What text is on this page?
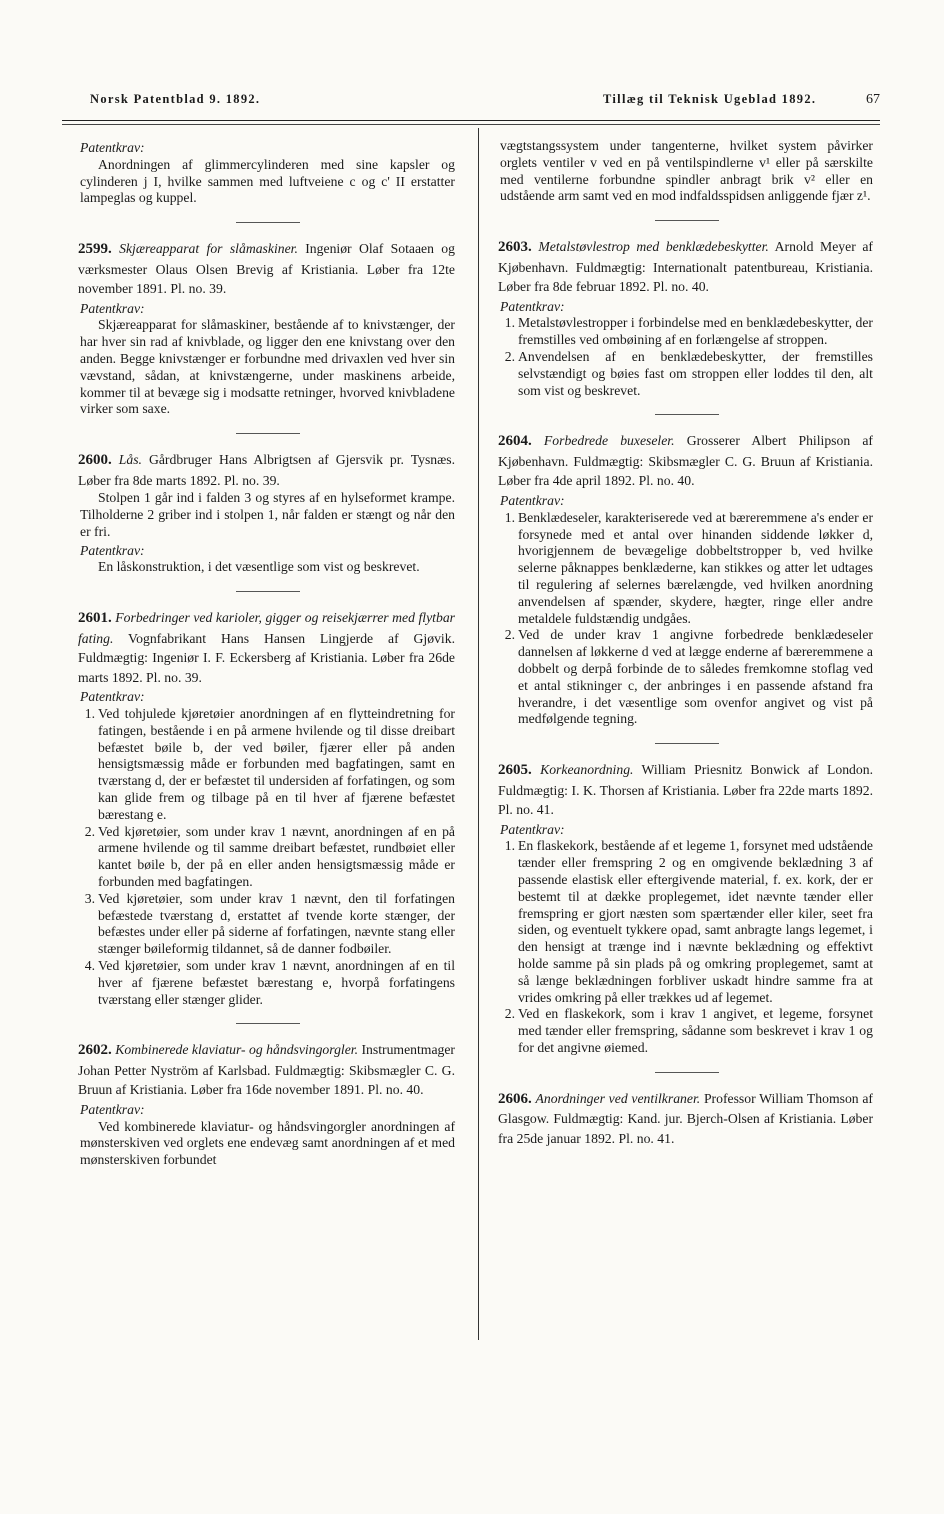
Norsk Patentblad 9. 1892.	Tillæg til Teknisk Ugeblad 1892.	67

Patentkrav:

Anordningen af glimmercylinderen med sine kapsler og cylinderen j I, hvilke sammen med luftveiene c og c' II erstatter lampeglas og kuppel.

2599. Skjæreapparat for slåmaskiner. Ingeniør Olaf Sotaaen og værksmester Olaus Olsen Brevig af Kristiania. Løber fra 12te november 1891. Pl. no. 39.

Patentkrav:

Skjæreapparat for slåmaskiner, bestående af to knivstænger, der har hver sin rad af knivblade, og ligger den ene knivstang over den anden. Begge knivstænger er forbundne med drivaxlen ved hver sin vævstand, sådan, at knivstængerne, under maskinens arbeide, kommer til at bevæge sig i modsatte retninger, hvorved knivbladene virker som saxe.

2600. Lås. Gårdbruger Hans Albrigtsen af Gjersvik pr. Tysnæs. Løber fra 8de marts 1892. Pl. no. 39.

Stolpen 1 går ind i falden 3 og styres af en hylseformet krampe. Tilholderne 2 griber ind i stolpen 1, når falden er stængt og når den er fri.

Patentkrav:

En låskonstruktion, i det væsentlige som vist og beskrevet.

2601. Forbedringer ved karioler, gigger og reisekjærrer med flytbar fating. Vognfabrikant Hans Hansen Lingjerde af Gjøvik. Fuldmægtig: Ingeniør I. F. Eckersberg af Kristiania. Løber fra 26de marts 1892. Pl. no. 39.

Patentkrav:

1. Ved tohjulede kjøretøier anordningen af en flytteindretning for fatingen, bestående i en på armene hvilende og til disse dreibart befæstet bøile b, der ved bøiler, fjærer eller på anden hensigtsmæssig måde er forbunden med bagfatingen, samt en tværstang d, der er befæstet til undersiden af forfatingen, og som kan glide frem og tilbage på en til hver af fjærene befæstet bærestang e.
2. Ved kjøretøier, som under krav 1 nævnt, anordningen af en på armene hvilende og til samme dreibart befæstet, rundbøiet eller kantet bøile b, der på en eller anden hensigtsmæssig måde er forbunden med bagfatingen.
3. Ved kjøretøier, som under krav 1 nævnt, den til forfatingen befæstede tværstang d, erstattet af tvende korte stænger, der befæstes under eller på siderne af forfatingen, nævnte stang eller stænger bøileformig tildannet, så de danner fodbøiler.
4. Ved kjøretøier, som under krav 1 nævnt, anordningen af en til hver af fjærene befæstet bærestang e, hvorpå forfatingens tværstang eller stænger glider.

2602. Kombinerede klaviatur- og håndsvingorgler. Instrumentmager Johan Petter Nyström af Karlsbad. Fuldmægtig: Skibsmægler C. G. Bruun af Kristiania. Løber fra 16de november 1891. Pl. no. 40.

Patentkrav:

Ved kombinerede klaviatur- og håndsvingorgler anordningen af mønsterskiven ved orglets ene endevæg samt anordningen af et med mønsterskiven forbundet

vægtstangssystem under tangenterne, hvilket system påvirker orglets ventiler v ved en på ventilspindlerne v¹ eller på særskilte med ventilerne forbundne spindler anbragt brik v² eller en udstående arm samt ved en mod indfaldsspidsen anliggende fjær z¹.

2603. Metalstøvlestrop med benklædebeskytter. Arnold Meyer af Kjøbenhavn. Fuldmægtig: Internationalt patentbureau, Kristiania. Løber fra 8de februar 1892. Pl. no. 40.

Patentkrav:

1. Metalstøvlestropper i forbindelse med en benklædebeskytter, der fremstilles ved ombøining af en forlængelse af stroppen.
2. Anvendelsen af en benklædebeskytter, der fremstilles selvstændigt og bøies fast om stroppen eller loddes til den, alt som vist og beskrevet.

2604. Forbedrede buxeseler. Grosserer Albert Philipson af Kjøbenhavn. Fuldmægtig: Skibsmægler C. G. Bruun af Kristiania. Løber fra 4de april 1892. Pl. no. 40.

Patentkrav:

1. Benklædeseler, karakteriserede ved at bæreremmene a's ender er forsynede med et antal over hinanden siddende løkker d, hvorigjennem de bevægelige dobbeltstropper b, ved hvilke selerne påknappes benklæderne, kan stikkes og atter let udtages til regulering af selernes bærelængde, ved hvilken anordning anvendelsen af spænder, skydere, hægter, ringe eller andre metaldele fuldstændig undgåes.
2. Ved de under krav 1 angivne forbedrede benklædeseler dannelsen af løkkerne d ved at lægge enderne af bæreremmene a dobbelt og derpå forbinde de to således fremkomne stoflag ved et antal stikninger c, der anbringes i en passende afstand fra hverandre, i det væsentlige som ovenfor angivet og vist på medfølgende tegning.

2605. Korkeanordning. William Priesnitz Bonwick af London. Fuldmægtig: I. K. Thorsen af Kristiania. Løber fra 22de marts 1892. Pl. no. 41.

Patentkrav:

1. En flaskekork, bestående af et legeme 1, forsynet med udstående tænder eller fremspring 2 og en omgivende beklædning 3 af passende elastisk eller eftergivende material, f. ex. kork, der er bestemt til at dække proplegemet, idet nævnte tænder eller fremspring er gjort næsten som spærtænder eller kiler, seet fra siden, og eventuelt tykkere opad, samt anbragte langs legemet, i den hensigt at trænge ind i nævnte beklædning og effektivt holde samme på sin plads på og omkring proplegemet, samt at så længe beklædningen forbliver uskadt hindre samme fra at vrides omkring på eller trækkes ud af legemet.
2. Ved en flaskekork, som i krav 1 angivet, et legeme, forsynet med tænder eller fremspring, sådanne som beskrevet i krav 1 og for det angivne øiemed.

2606. Anordninger ved ventilkraner. Professor William Thomson af Glasgow. Fuldmægtig: Kand. jur. Bjerch-Olsen af Kristiania. Løber fra 25de januar 1892. Pl. no. 41.
